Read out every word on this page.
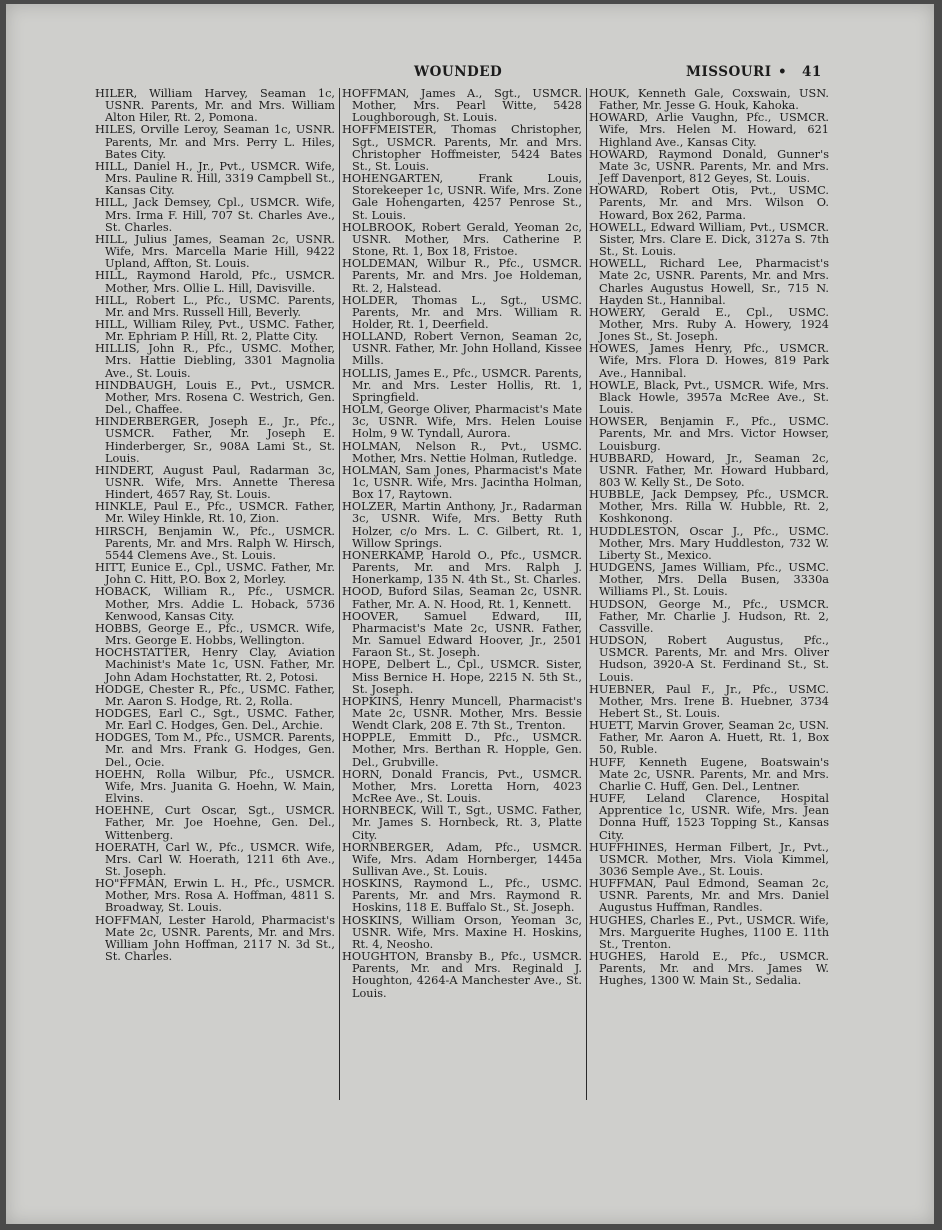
WOUNDED	MISSOURI • 41

HILER, William Harvey, Seaman 1c, USNR. Parents, Mr. and Mrs. William Alton Hiler, Rt. 2, Pomona.

HILES, Orville Leroy, Seaman 1c, USNR. Parents, Mr. and Mrs. Perry L. Hiles, Bates City.

HILL, Daniel H., Jr., Pvt., USMCR. Wife, Mrs. Pauline R. Hill, 3319 Campbell St., Kansas City.

HILL, Jack Demsey, Cpl., USMCR. Wife, Mrs. Irma F. Hill, 707 St. Charles Ave., St. Charles.

HILL, Julius James, Seaman 2c, USNR. Wife, Mrs. Marcella Marie Hill, 9422 Upland, Affton, St. Louis.

HILL, Raymond Harold, Pfc., USMCR. Mother, Mrs. Ollie L. Hill, Davisville.

HILL, Robert L., Pfc., USMC. Parents, Mr. and Mrs. Russell Hill, Beverly.

HILL, William Riley, Pvt., USMC. Father, Mr. Ephriam P. Hill, Rt. 2, Platte City.

HILLIS, John R., Pfc., USMC. Mother, Mrs. Hattie Diebling, 3301 Magnolia Ave., St. Louis.

HINDBAUGH, Louis E., Pvt., USMCR. Mother, Mrs. Rosena C. Westrich, Gen. Del., Chaffee.

HINDERBERGER, Joseph E., Jr., Pfc., USMCR. Father, Mr. Joseph E. Hinderberger, Sr., 908A Lami St., St. Louis.

HINDERT, August Paul, Radarman 3c, USNR. Wife, Mrs. Annette Theresa Hindert, 4657 Ray, St. Louis.

HINKLE, Paul E., Pfc., USMCR. Father, Mr. Wiley Hinkle, Rt. 10, Zion.

HIRSCH, Benjamin W., Pfc., USMCR. Parents, Mr. and Mrs. Ralph W. Hirsch, 5544 Clemens Ave., St. Louis.

HITT, Eunice E., Cpl., USMC. Father, Mr. John C. Hitt, P.O. Box 2, Morley.

HOBACK, William R., Pfc., USMCR. Mother, Mrs. Addie L. Hoback, 5736 Kenwood, Kansas City.

HOBBS, George E., Pfc., USMCR. Wife, Mrs. George E. Hobbs, Wellington.

HOCHSTATTER, Henry Clay, Aviation Machinist's Mate 1c, USN. Father, Mr. John Adam Hochstatter, Rt. 2, Potosi.

HODGE, Chester R., Pfc., USMC. Father, Mr. Aaron S. Hodge, Rt. 2, Rolla.

HODGES, Earl C., Sgt., USMC. Father, Mr. Earl C. Hodges, Gen. Del., Archie.

HODGES, Tom M., Pfc., USMCR. Parents, Mr. and Mrs. Frank G. Hodges, Gen. Del., Ocie.

HOEHN, Rolla Wilbur, Pfc., USMCR. Wife, Mrs. Juanita G. Hoehn, W. Main, Elvins.

HOEHNE, Curt Oscar, Sgt., USMCR. Father, Mr. Joe Hoehne, Gen. Del., Wittenberg.

HOERATH, Carl W., Pfc., USMCR. Wife, Mrs. Carl W. Hoerath, 1211 6th Ave., St. Joseph.

HO"FFMAN, Erwin L. H., Pfc., USMCR. Mother, Mrs. Rosa A. Hoffman, 4811 S. Broadway, St. Louis.

HOFFMAN, Lester Harold, Pharmacist's Mate 2c, USNR. Parents, Mr. and Mrs. William John Hoffman, 2117 N. 3d St., St. Charles.

HOFFMAN, James A., Sgt., USMCR. Mother, Mrs. Pearl Witte, 5428 Loughborough, St. Louis.

HOFFMEISTER, Thomas Christopher, Sgt., USMCR. Parents, Mr. and Mrs. Christopher Hoffmeister, 5424 Bates St., St. Louis.

HOHENGARTEN, Frank Louis, Storekeeper 1c, USNR. Wife, Mrs. Zone Gale Hohengarten, 4257 Penrose St., St. Louis.

HOLBROOK, Robert Gerald, Yeoman 2c, USNR. Mother, Mrs. Catherine P. Stone, Rt. 1, Box 18, Fristoe.

HOLDEMAN, Wilbur R., Pfc., USMCR. Parents, Mr. and Mrs. Joe Holdeman, Rt. 2, Halstead.

HOLDER, Thomas L., Sgt., USMC. Parents, Mr. and Mrs. William R. Holder, Rt. 1, Deerfield.

HOLLAND, Robert Vernon, Seaman 2c, USNR. Father, Mr. John Holland, Kissee Mills.

HOLLIS, James E., Pfc., USMCR. Parents, Mr. and Mrs. Lester Hollis, Rt. 1, Springfield.

HOLM, George Oliver, Pharmacist's Mate 3c, USNR. Wife, Mrs. Helen Louise Holm, 9 W. Tyndall, Aurora.

HOLMAN, Nelson R., Pvt., USMC. Mother, Mrs. Nettie Holman, Rutledge.

HOLMAN, Sam Jones, Pharmacist's Mate 1c, USNR. Wife, Mrs. Jacintha Holman, Box 17, Raytown.

HOLZER, Martin Anthony, Jr., Radarman 3c, USNR. Wife, Mrs. Betty Ruth Holzer, c/o Mrs. L. C. Gilbert, Rt. 1, Willow Springs.

HONERKAMP, Harold O., Pfc., USMCR. Parents, Mr. and Mrs. Ralph J. Honerkamp, 135 N. 4th St., St. Charles.

HOOD, Buford Silas, Seaman 2c, USNR. Father, Mr. A. N. Hood, Rt. 1, Kennett.

HOOVER, Samuel Edward, III, Pharmacist's Mate 2c, USNR. Father, Mr. Samuel Edward Hoover, Jr., 2501 Faraon St., St. Joseph.

HOPE, Delbert L., Cpl., USMCR. Sister, Miss Bernice H. Hope, 2215 N. 5th St., St. Joseph.

HOPKINS, Henry Muncell, Pharmacist's Mate 2c, USNR. Mother, Mrs. Bessie Wendt Clark, 208 E. 7th St., Trenton.

HOPPLE, Emmitt D., Pfc., USMCR. Mother, Mrs. Berthan R. Hopple, Gen. Del., Grubville.

HORN, Donald Francis, Pvt., USMCR. Mother, Mrs. Loretta Horn, 4023 McRee Ave., St. Louis.

HORNBECK, Will T., Sgt., USMC. Father, Mr. James S. Hornbeck, Rt. 3, Platte City.

HORNBERGER, Adam, Pfc., USMCR. Wife, Mrs. Adam Hornberger, 1445a Sullivan Ave., St. Louis.

HOSKINS, Raymond L., Pfc., USMC. Parents, Mr. and Mrs. Raymond R. Hoskins, 118 E. Buffalo St., St. Joseph.

HOSKINS, William Orson, Yeoman 3c, USNR. Wife, Mrs. Maxine H. Hoskins, Rt. 4, Neosho.

HOUGHTON, Bransby B., Pfc., USMCR. Parents, Mr. and Mrs. Reginald J. Houghton, 4264-A Manchester Ave., St. Louis.

HOUK, Kenneth Gale, Coxswain, USN. Father, Mr. Jesse G. Houk, Kahoka.

HOWARD, Arlie Vaughn, Pfc., USMCR. Wife, Mrs. Helen M. Howard, 621 Highland Ave., Kansas City.

HOWARD, Raymond Donald, Gunner's Mate 3c, USNR. Parents, Mr. and Mrs. Jeff Davenport, 812 Geyes, St. Louis.

HOWARD, Robert Otis, Pvt., USMC. Parents, Mr. and Mrs. Wilson O. Howard, Box 262, Parma.

HOWELL, Edward William, Pvt., USMCR. Sister, Mrs. Clare E. Dick, 3127a S. 7th St., St. Louis.

HOWELL, Richard Lee, Pharmacist's Mate 2c, USNR. Parents, Mr. and Mrs. Charles Augustus Howell, Sr., 715 N. Hayden St., Hannibal.

HOWERY, Gerald E., Cpl., USMC. Mother, Mrs. Ruby A. Howery, 1924 Jones St., St. Joseph.

HOWES, James Henry, Pfc., USMCR. Wife, Mrs. Flora D. Howes, 819 Park Ave., Hannibal.

HOWLE, Black, Pvt., USMCR. Wife, Mrs. Black Howle, 3957a McRee Ave., St. Louis.

HOWSER, Benjamin F., Pfc., USMC. Parents, Mr. and Mrs. Victor Howser, Louisburg.

HUBBARD, Howard, Jr., Seaman 2c, USNR. Father, Mr. Howard Hubbard, 803 W. Kelly St., De Soto.

HUBBLE, Jack Dempsey, Pfc., USMCR. Mother, Mrs. Rilla W. Hubble, Rt. 2, Koshkonong.

HUDDLESTON, Oscar J., Pfc., USMC. Mother, Mrs. Mary Huddleston, 732 W. Liberty St., Mexico.

HUDGENS, James William, Pfc., USMC. Mother, Mrs. Della Busen, 3330a Williams Pl., St. Louis.

HUDSON, George M., Pfc., USMCR. Father, Mr. Charlie J. Hudson, Rt. 2, Cassville.

HUDSON, Robert Augustus, Pfc., USMCR. Parents, Mr. and Mrs. Oliver Hudson, 3920-A St. Ferdinand St., St. Louis.

HUEBNER, Paul F., Jr., Pfc., USMC. Mother, Mrs. Irene B. Huebner, 3734 Hebert St., St. Louis.

HUETT, Marvin Grover, Seaman 2c, USN. Father, Mr. Aaron A. Huett, Rt. 1, Box 50, Ruble.

HUFF, Kenneth Eugene, Boatswain's Mate 2c, USNR. Parents, Mr. and Mrs. Charlie C. Huff, Gen. Del., Lentner.

HUFF, Leland Clarence, Hospital Apprentice 1c, USNR. Wife, Mrs. Jean Donna Huff, 1523 Topping St., Kansas City.

HUFFHINES, Herman Filbert, Jr., Pvt., USMCR. Mother, Mrs. Viola Kimmel, 3036 Semple Ave., St. Louis.

HUFFMAN, Paul Edmond, Seaman 2c, USNR. Parents, Mr. and Mrs. Daniel Augustus Huffman, Randles.

HUGHES, Charles E., Pvt., USMCR. Wife, Mrs. Marguerite Hughes, 1100 E. 11th St., Trenton.

HUGHES, Harold E., Pfc., USMCR. Parents, Mr. and Mrs. James W. Hughes, 1300 W. Main St., Sedalia.
